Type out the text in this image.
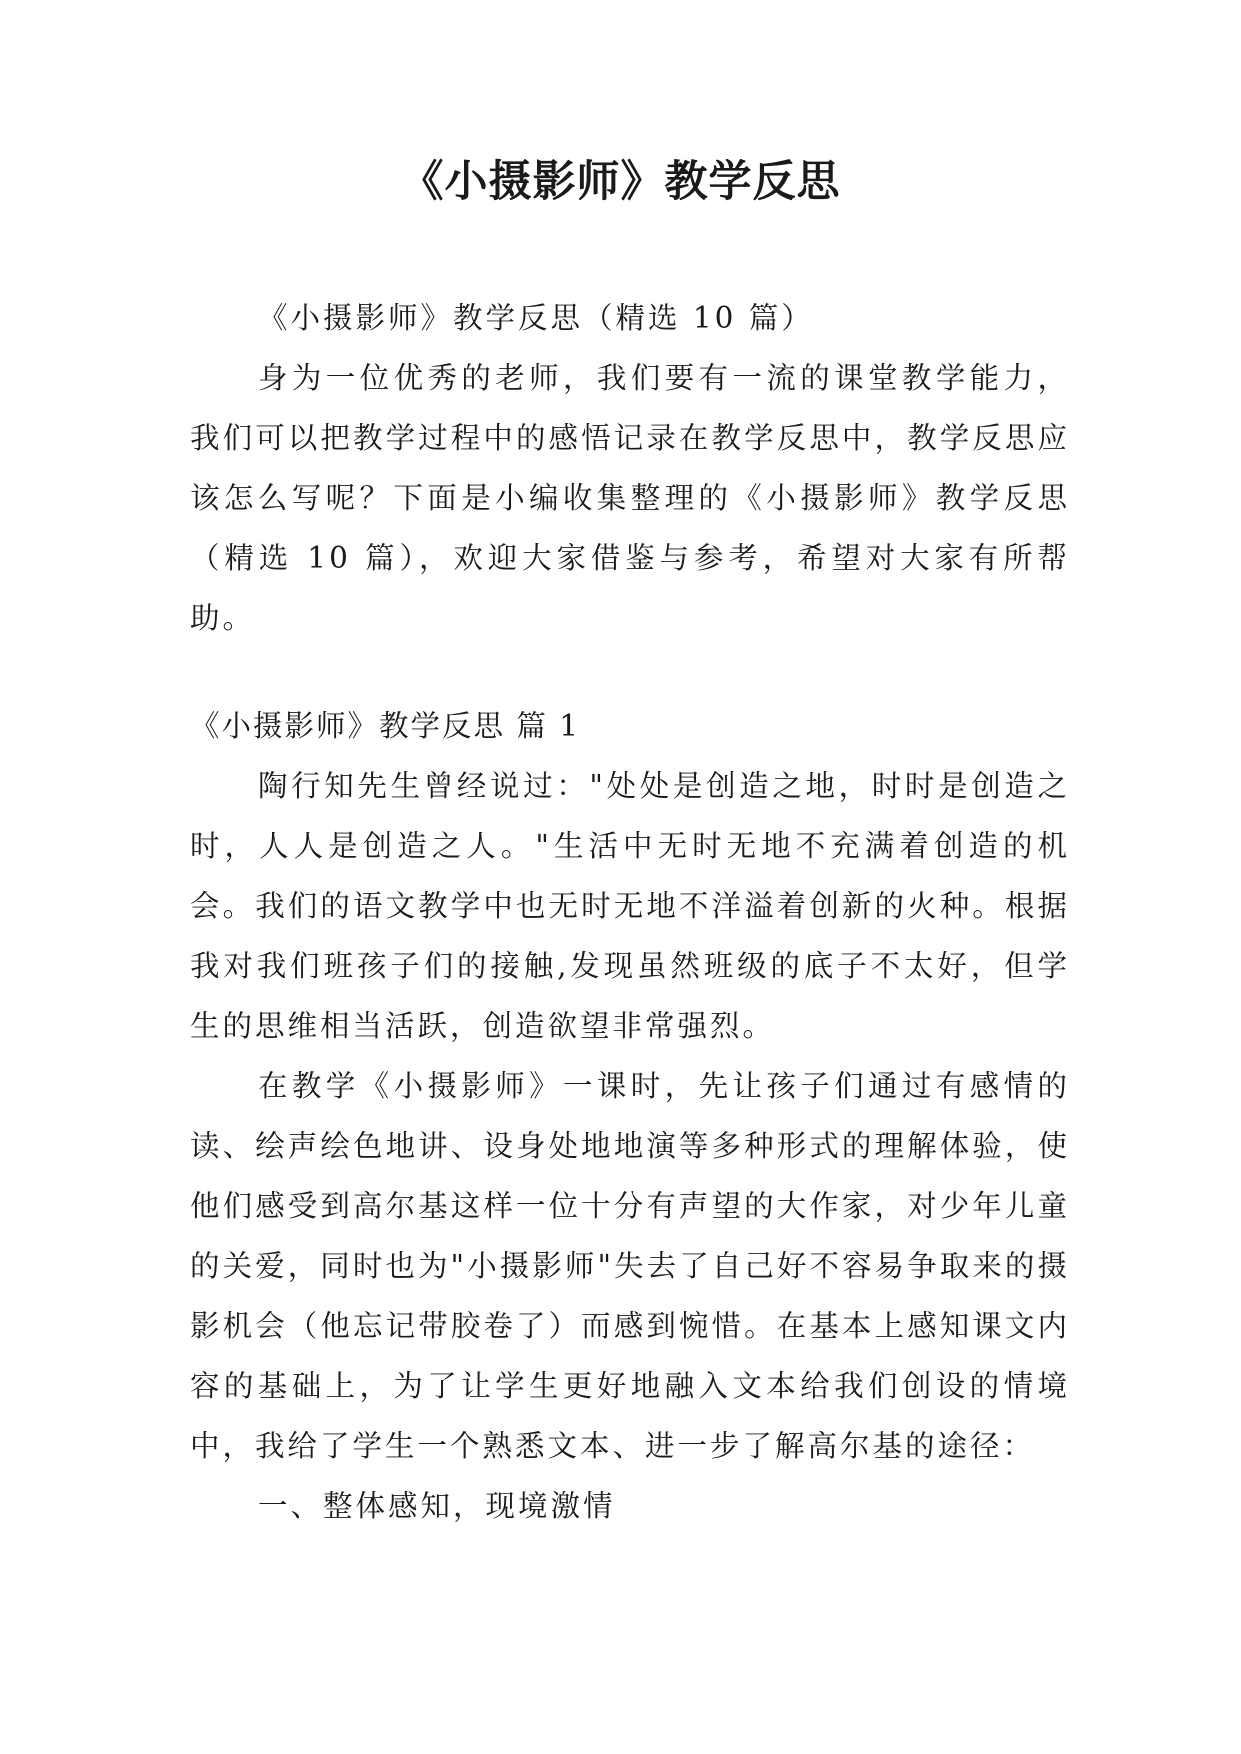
《小摄影师》教学反思

《小摄影师》教学反思（精选 10 篇）

身为一位优秀的老师，我们要有一流的课堂教学能力，我们可以把教学过程中的感悟记录在教学反思中，教学反思应该怎么写呢？下面是小编收集整理的《小摄影师》教学反思（精选 10 篇），欢迎大家借鉴与参考，希望对大家有所帮助。

《小摄影师》教学反思 篇 1

陶行知先生曾经说过："处处是创造之地，时时是创造之时，人人是创造之人。"生活中无时无地不充满着创造的机会。我们的语文教学中也无时无地不洋溢着创新的火种。根据我对我们班孩子们的接触,发现虽然班级的底子不太好，但学生的思维相当活跃，创造欲望非常强烈。

在教学《小摄影师》一课时，先让孩子们通过有感情的读、绘声绘色地讲、设身处地地演等多种形式的理解体验，使他们感受到高尔基这样一位十分有声望的大作家，对少年儿童的关爱，同时也为"小摄影师"失去了自己好不容易争取来的摄影机会（他忘记带胶卷了）而感到惋惜。在基本上感知课文内容的基础上，为了让学生更好地融入文本给我们创设的情境中，我给了学生一个熟悉文本、进一步了解高尔基的途径：

一、整体感知，现境激情
